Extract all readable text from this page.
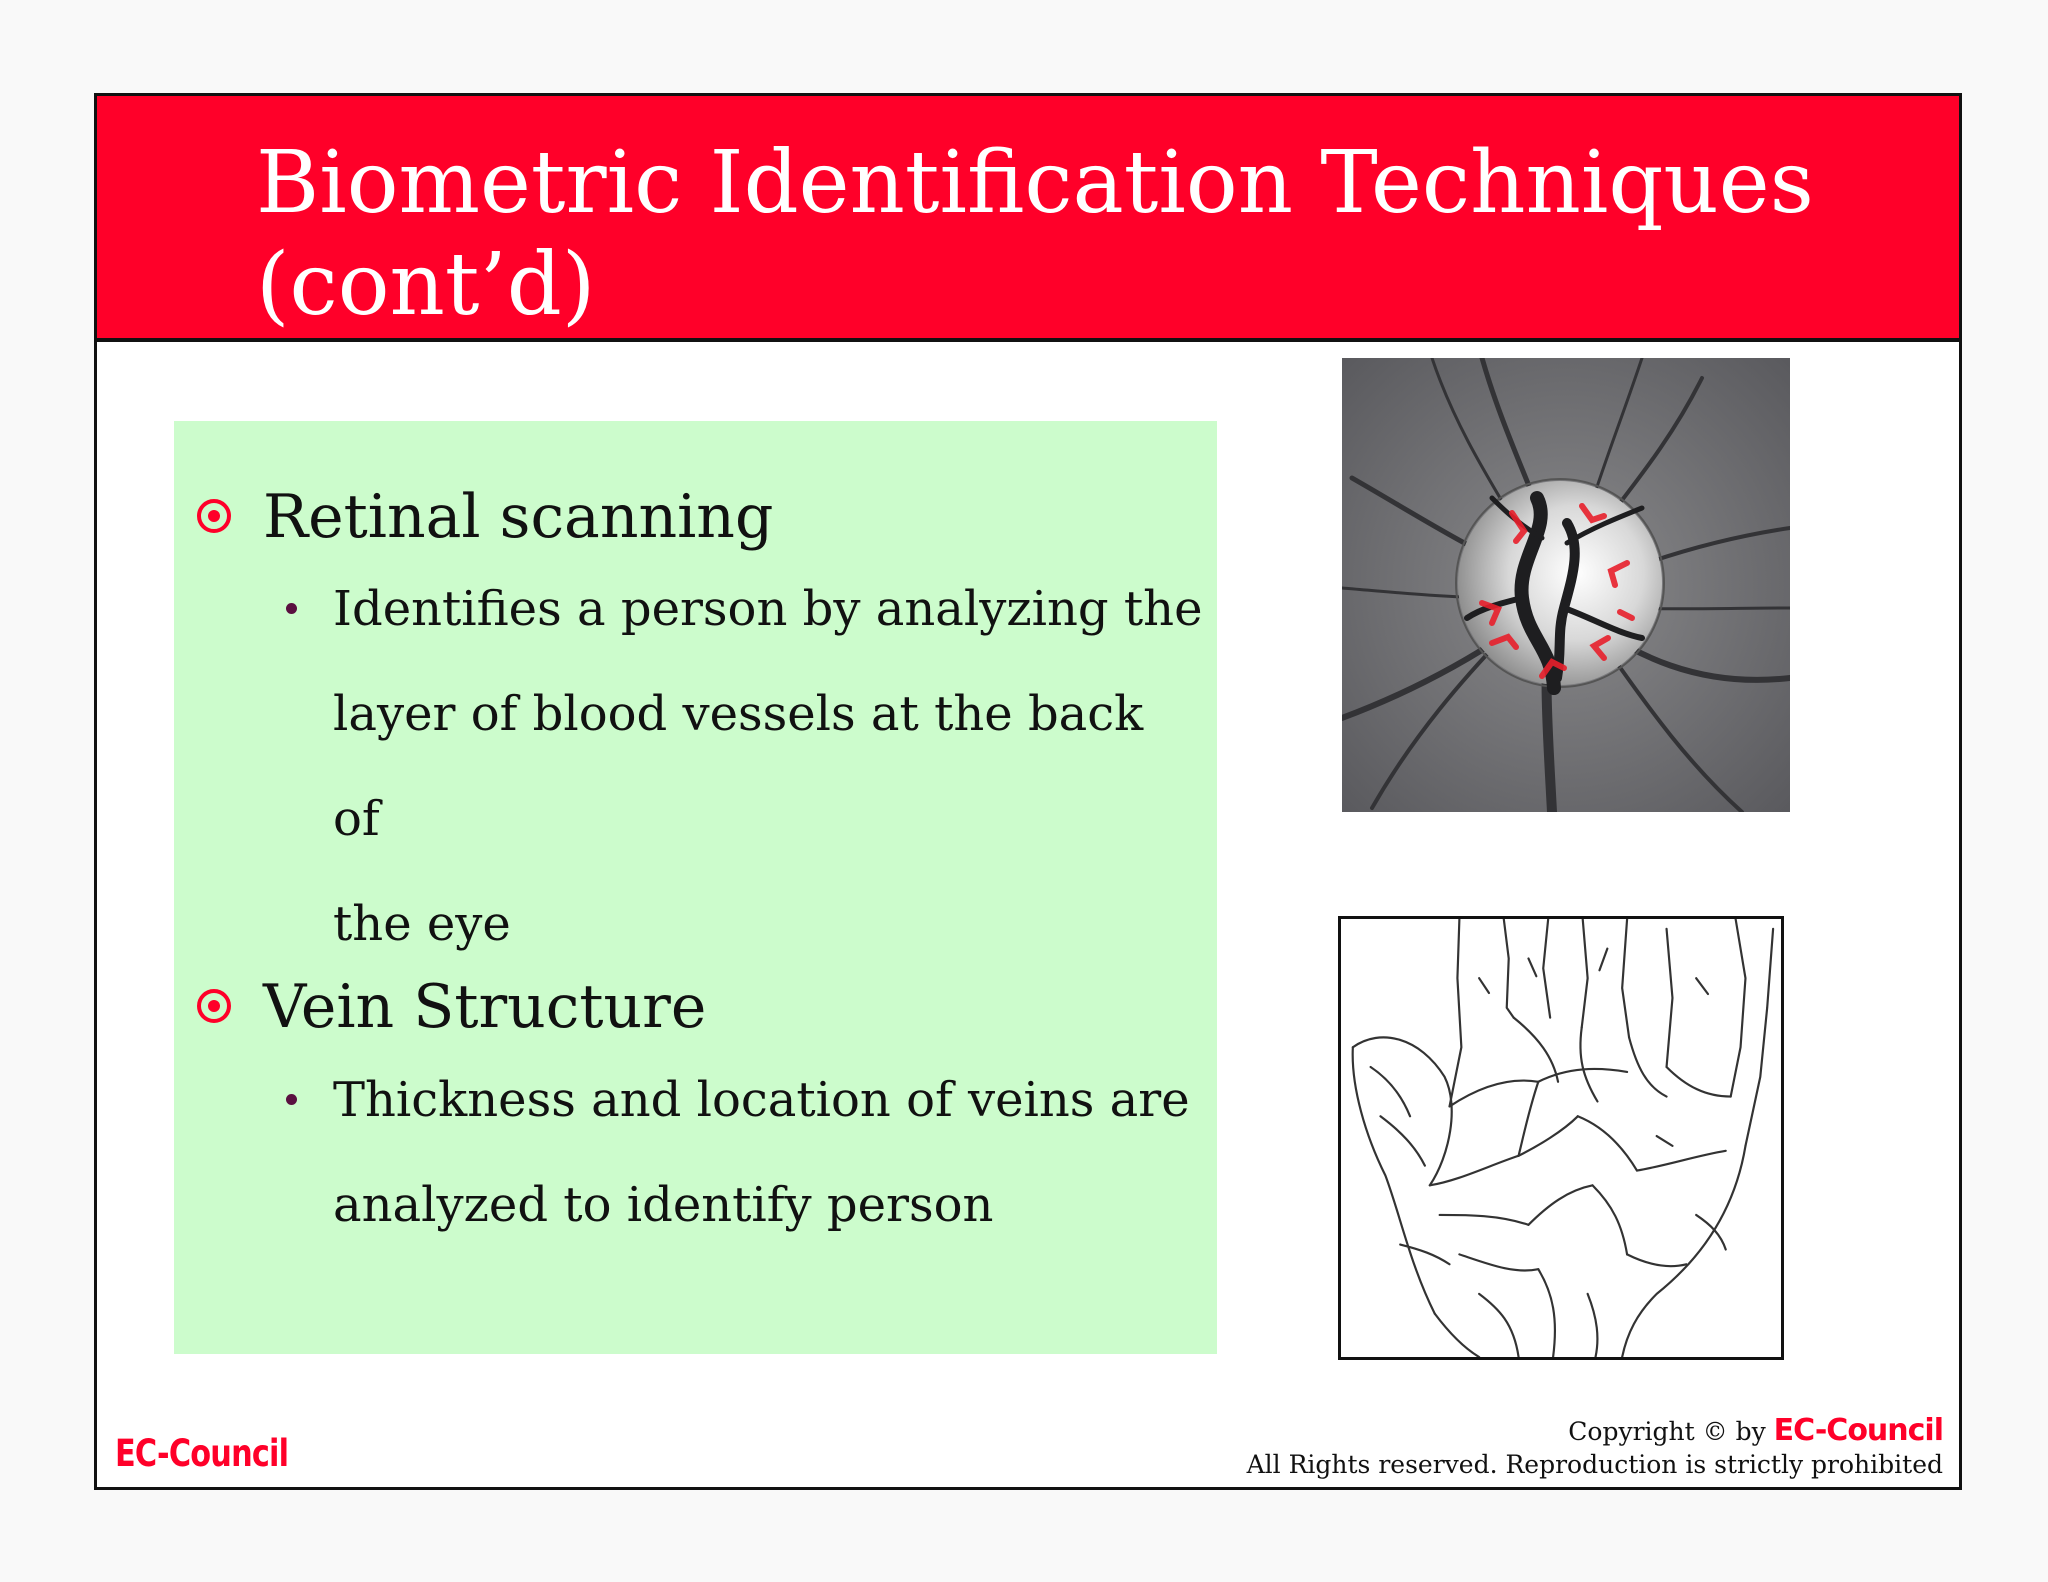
Biometric Identification Techniques
(cont’d)
Retinal scanning
Identifies a person by analyzing the
layer of blood vessels at the back of
the eye
Vein Structure
Thickness and location of veins are
analyzed to identify person
EC-Council
Copyright © by EC-Council
All Rights reserved. Reproduction is strictly prohibited
